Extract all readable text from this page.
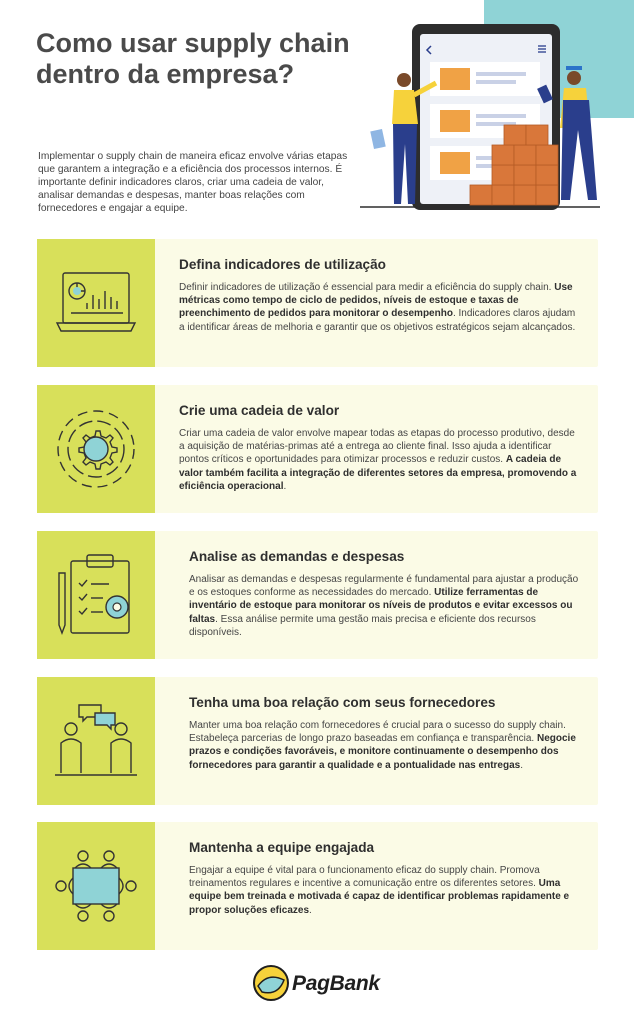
Como usar supply chain
dentro da empresa?

Implementar o supply chain de maneira eficaz envolve várias etapas que garantem a integração e a eficiência dos processos internos. É importante definir indicadores claros, criar uma cadeia de valor, analisar demandas e despesas, manter boas relações com fornecedores e engajar a equipe.

Defina indicadores de utilização

Definir indicadores de utilização é essencial para medir a eficiência do supply chain. Use métricas como tempo de ciclo de pedidos, níveis de estoque e taxas de preenchimento de pedidos para monitorar o desempenho. Indicadores claros ajudam a identificar áreas de melhoria e garantir que os objetivos estratégicos sejam alcançados.

Crie uma cadeia de valor

Criar uma cadeia de valor envolve mapear todas as etapas do processo produtivo, desde a aquisição de matérias-primas até a entrega ao cliente final. Isso ajuda a identificar pontos críticos e oportunidades para otimizar processos e reduzir custos. A cadeia de valor também facilita a integração de diferentes setores da empresa, promovendo a eficiência operacional.

Analise as demandas e despesas

Analisar as demandas e despesas regularmente é fundamental para ajustar a produção e os estoques conforme as necessidades do mercado. Utilize ferramentas de inventário de estoque para monitorar os níveis de produtos e evitar excessos ou faltas. Essa análise permite uma gestão mais precisa e eficiente dos recursos disponíveis.

Tenha uma boa relação com seus fornecedores

Manter uma boa relação com fornecedores é crucial para o sucesso do supply chain. Estabeleça parcerias de longo prazo baseadas em confiança e transparência. Negocie prazos e condições favoráveis, e monitore continuamente o desempenho dos fornecedores para garantir a qualidade e a pontualidade nas entregas.

Mantenha a equipe engajada

Engajar a equipe é vital para o funcionamento eficaz do supply chain. Promova treinamentos regulares e incentive a comunicação entre os diferentes setores. Uma equipe bem treinada e motivada é capaz de identificar problemas rapidamente e propor soluções eficazes.

PagBank
